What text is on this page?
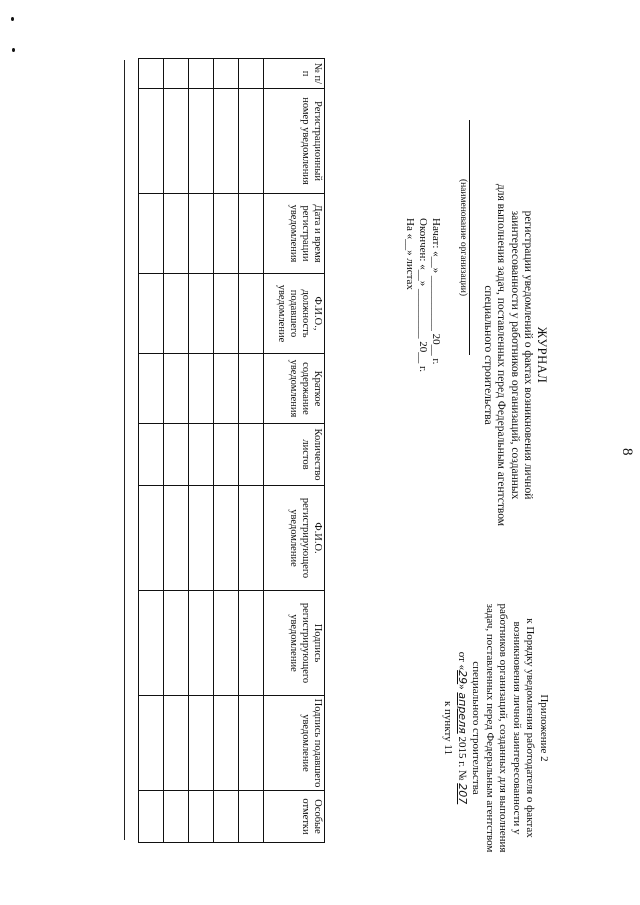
8

Приложение 2

к Порядку уведомления работодателя о фактах

возникновения личной заинтересованности у

работников организаций, созданных для выполнения

задач, поставленных перед Федеральным агентством

специального строительства

от «29» апреля 2015 г. № 207

к пункту 11

ЖУРНАЛ

регистрации уведомлений о фактах возникновения личной

заинтересованности у работников организаций, созданных

для выполнения задач, поставленных перед Федеральным агентством

специального строительства

(наименование организации)

Начат: «__» __________ 20__ г.

Окончен: «__» _________ 20__ г.

На «__» листах

№ п/п	Регистрационный номер уведомления	Дата и время регистрации уведомления	Ф.И.О., должность подавшего уведомление	Краткое содержание уведомления	Количество листов	Ф.И.О. регистрирующего уведомление	Подпись регистрирующего уведомление	Подпись подавшего уведомление	Особые отметки
